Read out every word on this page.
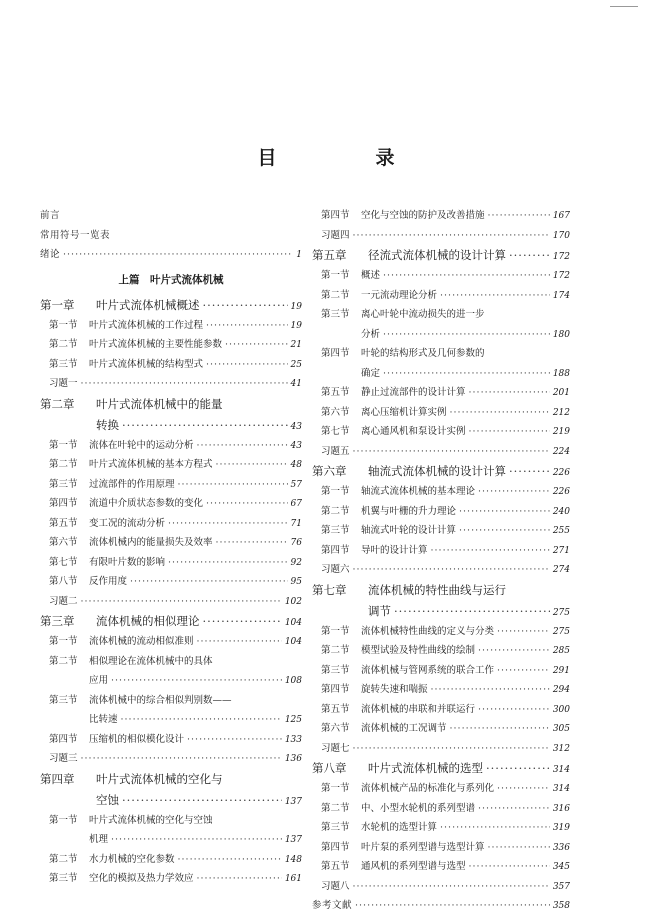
目　录
前言
常用符号一览表
绪论 ·····	1
上篇　叶片式流体机械
第一章	叶片式流体机械概述 ·····	19
第一节	叶片式流体机械的工作过程 ·····	19
第二节	叶片式流体机械的主要性能参数 ·····	21
第三节	叶片式流体机械的结构型式 ·····	25
习题一 ·····	41
第二章	叶片式流体机械中的能量
转换 ·····	43
第一节	流体在叶轮中的运动分析 ·····	43
第二节	叶片式流体机械的基本方程式 ·····	48
第三节	过流部件的作用原理 ·····	57
第四节	流道中介质状态参数的变化 ·····	67
第五节	变工况的流动分析 ·····	71
第六节	流体机械内的能量损失及效率 ·····	76
第七节	有限叶片数的影响 ·····	92
第八节	反作用度 ·····	95
习题二 ·····	102
第三章	流体机械的相似理论 ·····	104
第一节	流体机械的流动相似准则 ·····	104
第二节	相似理论在流体机械中的具体
应用 ·····	108
第三节	流体机械中的综合相似判别数——
比转速 ·····	125
第四节	压缩机的相似模化设计 ·····	133
习题三 ·····	136
第四章	叶片式流体机械的空化与
空蚀 ·····	137
第一节	叶片式流体机械的空化与空蚀
机理 ·····	137
第二节	水力机械的空化参数 ·····	148
第三节	空化的模拟及热力学效应 ·····	161
第四节	空化与空蚀的防护及改善措施 ·····	167
习题四 ·····	170
第五章	径流式流体机械的设计计算 ·····	172
第一节	概述 ·····	172
第二节	一元流动理论分析 ·····	174
第三节	离心叶轮中流动损失的进一步
分析 ·····	180
第四节	叶轮的结构形式及几何参数的
确定 ·····	188
第五节	静止过流部件的设计计算 ·····	201
第六节	离心压缩机计算实例 ·····	212
第七节	离心通风机和泵设计实例 ·····	219
习题五 ·····	224
第六章	轴流式流体机械的设计计算 ·····	226
第一节	轴流式流体机械的基本理论 ·····	226
第二节	机翼与叶栅的升力理论 ·····	240
第三节	轴流式叶轮的设计计算 ·····	255
第四节	导叶的设计计算 ·····	271
习题六 ·····	274
第七章	流体机械的特性曲线与运行
调节 ·····	275
第一节	流体机械特性曲线的定义与分类 ·····	275
第二节	模型试验及特性曲线的绘制 ·····	285
第三节	流体机械与管网系统的联合工作 ·····	291
第四节	旋转失速和喘振 ·····	294
第五节	流体机械的串联和并联运行 ·····	300
第六节	流体机械的工况调节 ·····	305
习题七 ·····	312
第八章	叶片式流体机械的选型 ·····	314
第一节	流体机械产品的标准化与系列化 ·····	314
第二节	中、小型水轮机的系列型谱 ·····	316
第三节	水轮机的选型计算 ·····	319
第四节	叶片泵的系列型谱与选型计算 ·····	336
第五节	通风机的系列型谱与选型 ·····	345
习题八 ·····	357
参考文献 ·····	358
